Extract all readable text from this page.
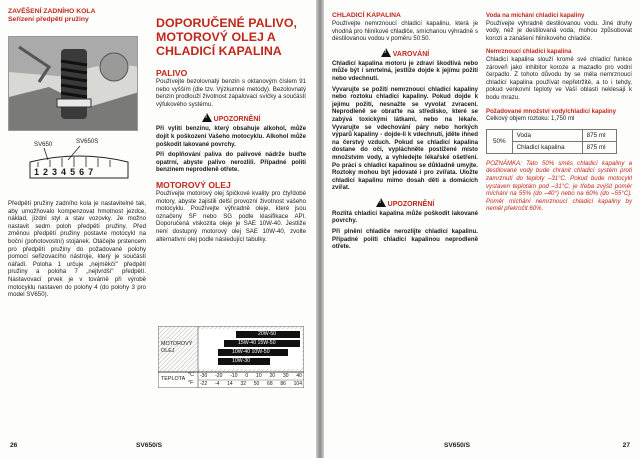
ZAVĚŠENÍ ZADNÍHO KOLA
Seřízení předpětí pružiny
SV650	SV650S
1 2 3 4 5 6 7

Předpětí pružiny zadního kola je nastavitelné tak, aby umožňovalo kompenzovat hmotnost jezdce, náklad, jízdní styl a stav vozovky. Je možno nastavit sedm poloh předpětí pružiny. Před změnou předpětí pružiny postavte motocykl na boční (pohotovostní) stojánek. Otáčejte prstencem pro předpětí pružiny do požadované polohy pomocí seřizovacího nástroje, který je součástí nářadí. Poloha 1 určuje „nejměkčí" předpětí pružiny a poloha 7 „nejtvrdší" předpětí. Nastavovací prvek je v továrně při výrobě motocyklu nastaven do polohy 4 (do polohy 3 pro model SV650).

DOPORUČENÉ PALIVO, MOTOROVÝ OLEJ A CHLADICÍ KAPALINA
PALIVO

Používejte bezolovnatý benzin s oktanovým číslem 91 nebo vyšším (dle tzv. Výzkumné metody). Bezolovnatý benzin prodlouží životnost zapalovací svíčky a součástí výfukového systému.

!UPOZORNĚNÍ

Při vylití benzinu, který obsahuje alkohol, může dojít k poškození Vašeho motocyklu. Alkohol může poškodit lakované povrchy.

Při doplňování paliva do palivové nádrže buďte opatrní, abyste palivo nerozlili. Případné politi benzinem neprodleně otřete.

MOTOROVÝ OLEJ

Používejte motorový olej špičkové kvality pro čtyřdobé motory, abyste zajistili delší provozní životnost vašeho motocyklu. Používejte výhradně oleje, které jsou označeny SF nebo SG podle klasifikace API. Doporučená viskozita oleje je SAE 10W-40. Jestliže není dostupný motorový olej SAE 10W-40, zvolte alternativní olej podle následující tabulky.

MOTOROVÝ OLEJ
20W-50
15W-40 15W-50
10W-40 10W-50
10W-30
TEPLOTA
°C
°F
-30 -20 -10 0 10 20 30 40
-22 -4 14 32 50 68 86 104
26	SV650/S
CHLADICÍ KAPALINA

Používejte nemrznoucí chladicí kapalinu, která je vhodná pro hliníkové chladiče, smíchanou výhradně s destilovanou vodou v poměru 50:50.

!VAROVÁNÍ

Chladicí kapalina motoru je zdraví škodlivá nebo může být i smrtelná, jestliže dojde k jejímu požití nebo vdechnutí.

Vyvarujte se požití nemrznoucí chladicí kapaliny nebo roztoku chladicí kapaliny. Pokud dojde k jejímu požití, nesnažte se vyvolat zvracení. Neprodleně se obraťte na středisko, které se zabývá toxickými látkami, nebo na lékaře. Vyvarujte se vdechování páry nebo horkých výparů kapaliny - dojde-li k vdechnutí, jděte ihned na čerstvý vzduch. Pokud se chladicí kapalina dostane do očí, vypláchněte postižené místo množstvím vody, a vyhledejte lékařské ošetření. Po práci s chladicí kapalinou se důkladně umyjte. Roztoky mohou být jedovaté i pro zvířata. Uložte chladicí kapalinu mimo dosah dětí a domácích zvířat.

!UPOZORNĚNÍ

Rozlitá chladicí kapalina může poškodit lakované povrchy.

Při plnění chladiče nerozlijte chladicí kapalinu. Případné politi chladicí kapalinou neprodleně otřete.

Voda na míchání chladicí kapaliny

Používejte výhradně destilovanou vodu. Jiné druhy vody, než je destilovaná voda, mohou způsobovat korozi a zanášení hliníkového chladiče.

Nemrznoucí chladicí kapalina

Chladicí kapalina slouží kromě své chladicí funkce zároveň jako inhibitor koroze a mazadlo pro vodní čerpadlo. Z tohoto důvodu by se měla nemrznoucí chladicí kapalina používat nepřetržitě, a to i tehdy, pokud venkovní teploty ve Vaší oblasti neklesají k bodu mrazu.

Požadované množství vody/chladicí kapaliny

Celkový objem roztoku: 1,750 ml

50%	Voda	875 ml
	Chladicí kapalina	875 ml

POZNÁMKA: Tato 50% směs chladicí kapaliny a destilované vody bude chránit chladicí systém proti zamrznutí do teploty –31°C. Pokud bude motocykl vystaven teplotám pod –31°C, je třeba zvýšit poměr míchání na 55% (do –40°) nebo na 60% (do –55°C). Poměr míchání nemrznoucí chladicí kapaliny by neměl překročit 60%.

SV650/S	27
